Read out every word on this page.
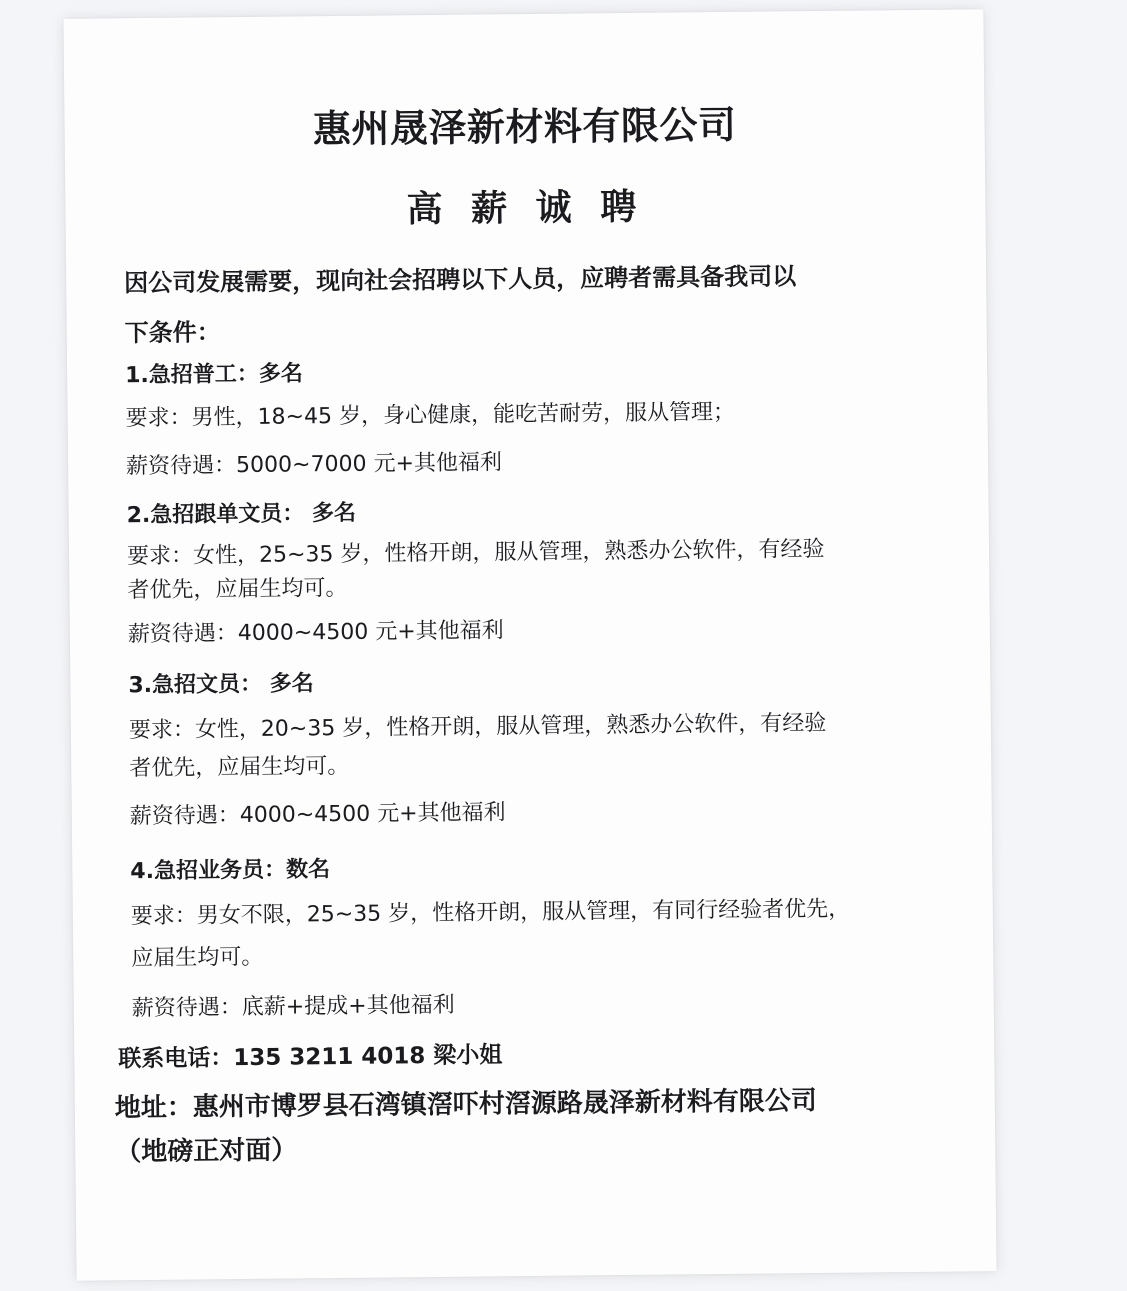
惠州晟泽新材料有限公司
高 薪 诚 聘
因公司发展需要，现向社会招聘以下人员，应聘者需具备我司以
下条件：
1.急招普工：多名
要求：男性，18~45 岁，身心健康，能吃苦耐劳，服从管理；
薪资待遇：5000~7000 元+其他福利
2.急招跟单文员： 多名
要求：女性，25~35 岁，性格开朗，服从管理，熟悉办公软件，有经验
者优先，应届生均可。
薪资待遇：4000~4500 元+其他福利
3.急招文员： 多名
要求：女性，20~35 岁，性格开朗，服从管理，熟悉办公软件，有经验
者优先，应届生均可。
薪资待遇：4000~4500 元+其他福利
4.急招业务员：数名
要求：男女不限，25~35 岁，性格开朗，服从管理，有同行经验者优先，
应届生均可。
薪资待遇：底薪+提成+其他福利
联系电话：135 3211 4018 梁小姐
地址：惠州市博罗县石湾镇滘吓村滘源路晟泽新材料有限公司
（地磅正对面）
